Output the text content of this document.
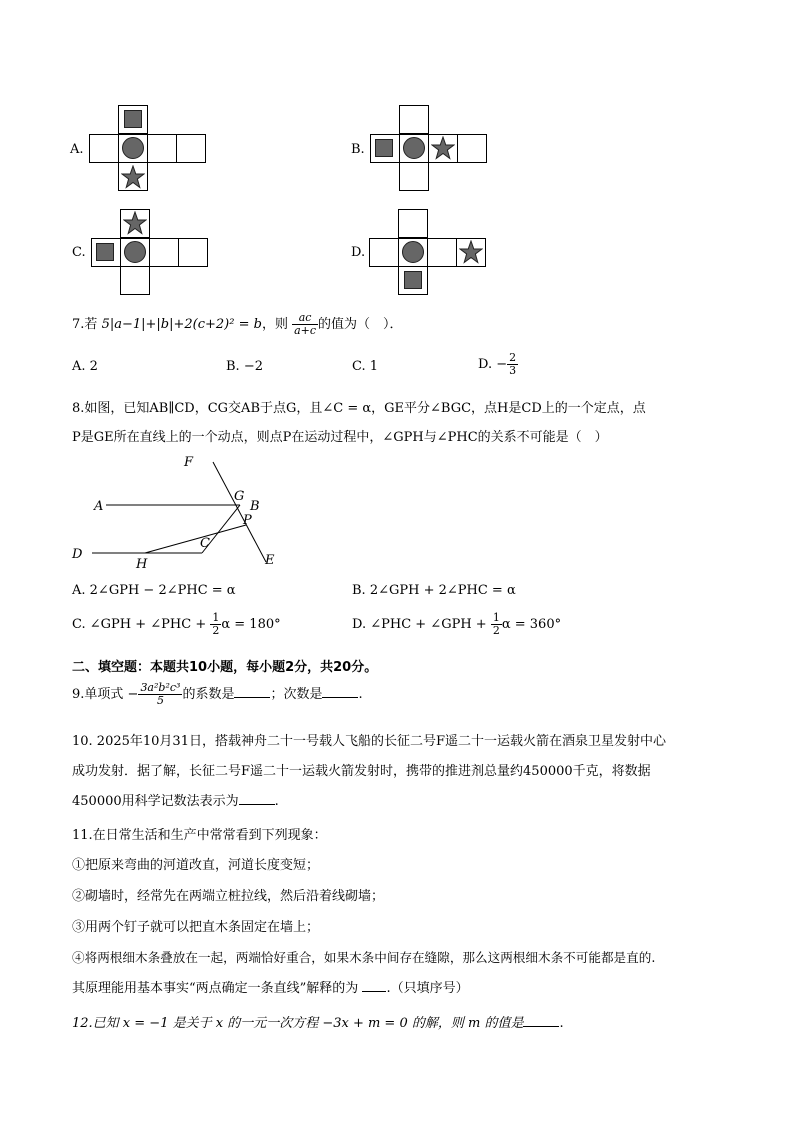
A.	B.
C.	D.
7.若 5|a−1|+|b|+2(c+2)² = b，则 $\frac{ac}{a+c}$ 的值为（　）．
A. 2	B. −2	C. 1	D. − $\frac{2}{3}$
8.如图，已知AB∥CD，CG交AB于点G，且∠C = α，GE平分∠BGC，点H是CD上的一个定点，点
P是GE所在直线上的一个动点，则点P在运动过程中，∠GPH与∠PHC的关系不可能是（　）
F
A
G
B
P
D
H
C
E
A. 2∠GPH − 2∠PHC = α	B. 2∠GPH + 2∠PHC = α
C. ∠GPH + ∠PHC + $\frac{1}{2}$ α = 180°	D. ∠PHC + ∠GPH + $\frac{1}{2}$ α = 360°
二、填空题：本题共10小题，每小题2分，共20分。
9.单项式 − $\frac{\text{3a²b²c³}}{5}$ 的系数是	；次数是	.
10. 2025年10月31日，搭载神舟二十一号载人飞船的长征二号F遥二十一运载火箭在酒泉卫星发射中心
成功发射．据了解，长征二号F遥二十一运载火箭发射时，携带的推进剂总量约450000千克，将数据
450000用科学记数法表示为	.
11.在日常生活和生产中常常看到下列现象：
①把原来弯曲的河道改直，河道长度变短；
②砌墙时，经常先在两端立桩拉线，然后沿着线砌墙；
③用两个钉子就可以把直木条固定在墙上；
④将两根细木条叠放在一起，两端恰好重合，如果木条中间存在缝隙，那么这两根细木条不可能都是直的.
其原理能用基本事实“两点确定一条直线”解释的为 .（只填序号）
12.已知 x = −1 是关于 x 的一元一次方程 −3x + m = 0 的解，则 m 的值是	.
